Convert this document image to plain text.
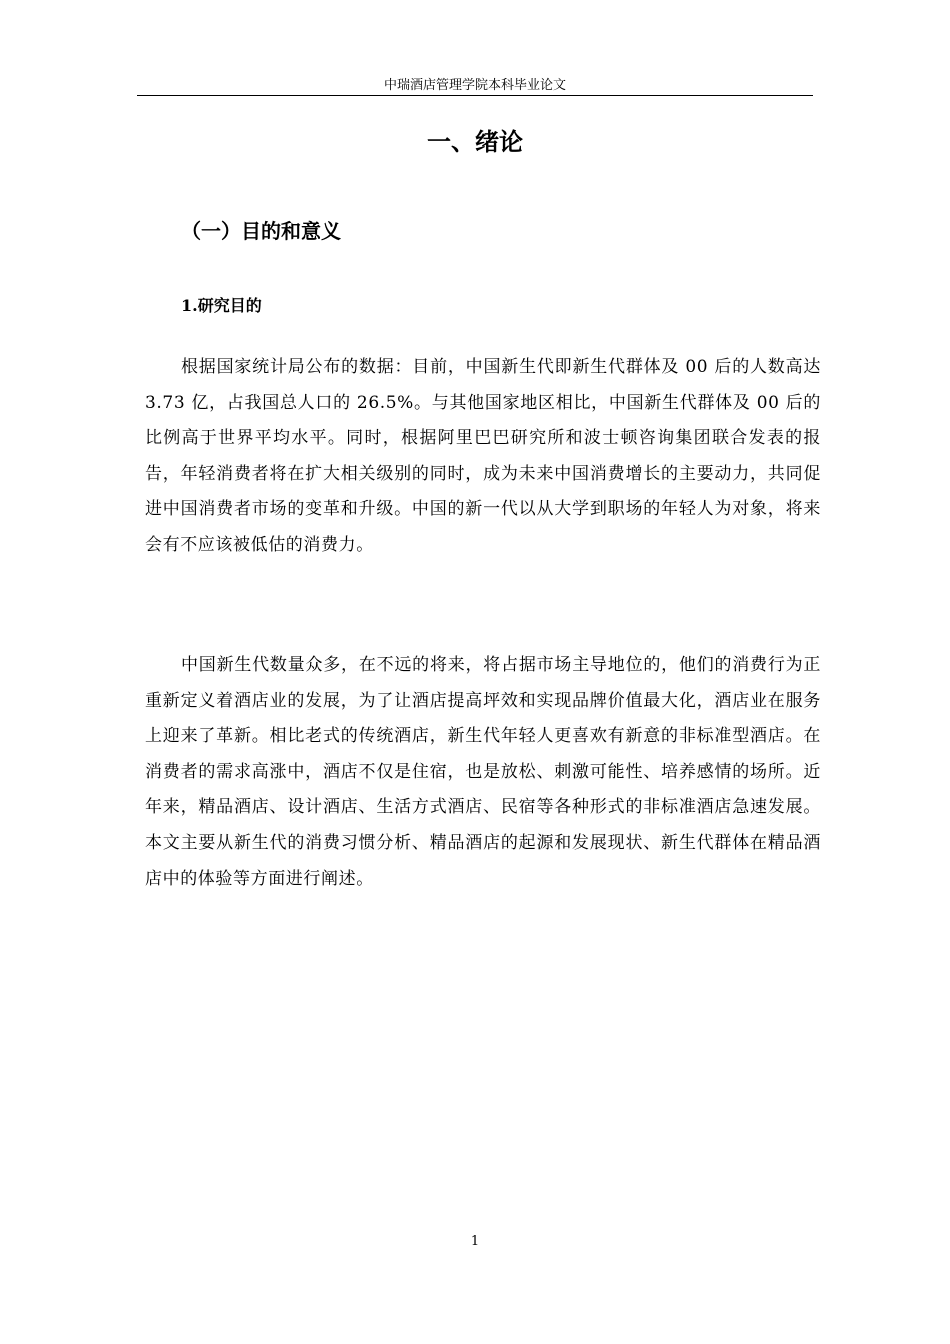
中瑞酒店管理学院本科毕业论文
一、绪论
（一）目的和意义
1.研究目的

根据国家统计局公布的数据：目前，中国新生代即新生代群体及 00 后的人数高达 3.73 亿，占我国总人口的 26.5%。与其他国家地区相比，中国新生代群体及 00 后的比例高于世界平均水平。同时，根据阿里巴巴研究所和波士顿咨询集团联合发表的报告，年轻消费者将在扩大相关级别的同时，成为未来中国消费增长的主要动力，共同促进中国消费者市场的变革和升级。中国的新一代以从大学到职场的年轻人为对象，将来会有不应该被低估的消费力。

中国新生代数量众多，在不远的将来，将占据市场主导地位的，他们的消费行为正重新定义着酒店业的发展，为了让酒店提高坪效和实现品牌价值最大化，酒店业在服务上迎来了革新。相比老式的传统酒店，新生代年轻人更喜欢有新意的非标准型酒店。在消费者的需求高涨中，酒店不仅是住宿，也是放松、刺激可能性、培养感情的场所。近年来，精品酒店、设计酒店、生活方式酒店、民宿等各种形式的非标准酒店急速发展。本文主要从新生代的消费习惯分析、精品酒店的起源和发展现状、新生代群体在精品酒店中的体验等方面进行阐述。

1
